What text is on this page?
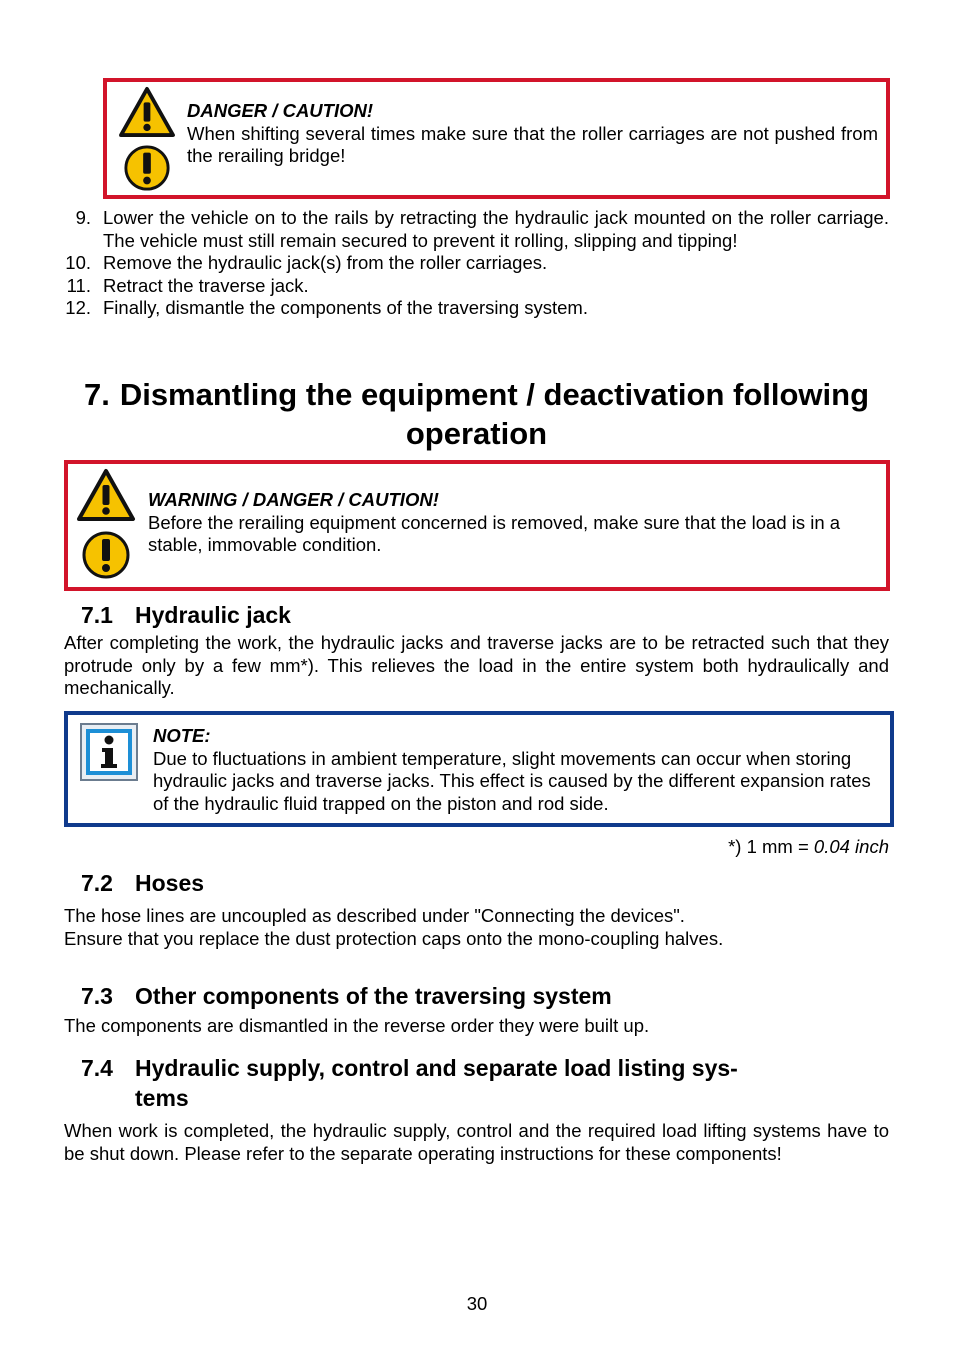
DANGER / CAUTION!
When shifting several times make sure that the roller carriages are not pushed from the rerailing bridge!
9. Lower the vehicle on to the rails by retracting the hydraulic jack mounted on the roller carriage. The vehicle must still remain secured to prevent it rolling, slipping and tipping!
10. Remove the hydraulic jack(s) from the roller carriages.
11. Retract the traverse jack.
12. Finally, dismantle the components of the traversing system.
7. Dismantling the equipment / deactivation following
operation
WARNING / DANGER / CAUTION!
Before the rerailing equipment concerned is removed, make sure that the load is in a stable, immovable condition.
7.1 Hydraulic jack
After completing the work, the hydraulic jacks and traverse jacks are to be retracted such that they protrude only by a few mm*). This relieves the load in the entire system both hydraulically and mechanically.
NOTE:
Due to fluctuations in ambient temperature, slight movements can occur when storing hydraulic jacks and traverse jacks. This effect is caused by the different expansion rates of the hydraulic fluid trapped on the piston and rod side.
*) 1 mm = 0.04 inch
7.2 Hoses
The hose lines are uncoupled as described under "Connecting the devices".
Ensure that you replace the dust protection caps onto the mono-coupling halves.
7.3 Other components of the traversing system
The components are dismantled in the reverse order they were built up.
7.4 Hydraulic supply, control and separate load listing sys-
tems
When work is completed, the hydraulic supply, control and the required load lifting systems have to be shut down. Please refer to the separate operating instructions for these components!
30
